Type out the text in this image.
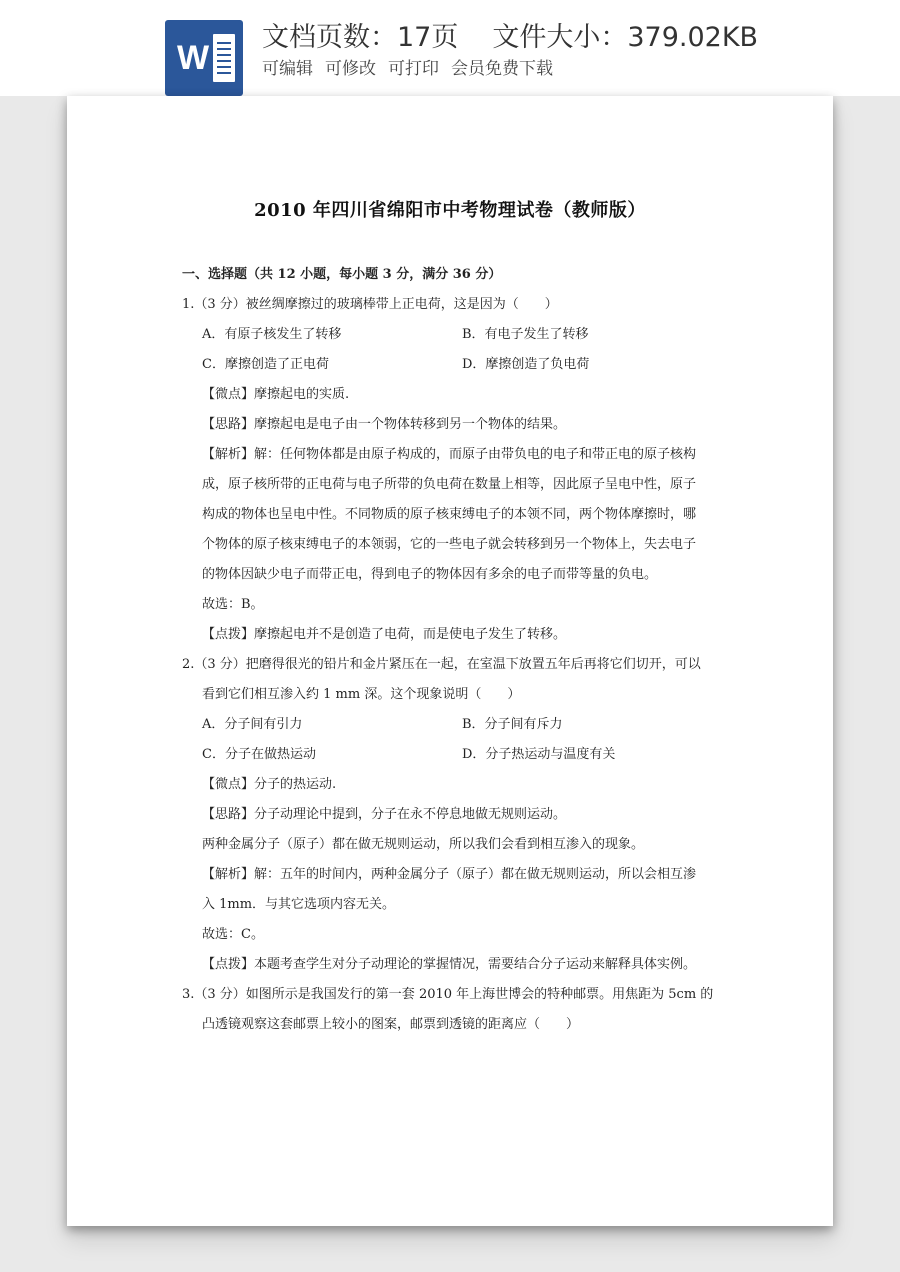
W
文档页数：17页 文件大小：379.02KB
可编辑 可修改 可打印 会员免费下载
2010 年四川省绵阳市中考物理试卷（教师版）
一、选择题（共 12 小题，每小题 3 分，满分 36 分）
1.（3 分）被丝绸摩擦过的玻璃棒带上正电荷，这是因为（　　）
A．有原子核发生了转移	B．有电子发生了转移
C．摩擦创造了正电荷	D．摩擦创造了负电荷
【微点】摩擦起电的实质.
【思路】摩擦起电是电子由一个物体转移到另一个物体的结果。
【解析】解：任何物体都是由原子构成的，而原子由带负电的电子和带正电的原子核构
成，原子核所带的正电荷与电子所带的负电荷在数量上相等，因此原子呈电中性，原子
构成的物体也呈电中性。不同物质的原子核束缚电子的本领不同，两个物体摩擦时，哪
个物体的原子核束缚电子的本领弱，它的一些电子就会转移到另一个物体上，失去电子
的物体因缺少电子而带正电，得到电子的物体因有多余的电子而带等量的负电。
故选：B。
【点拨】摩擦起电并不是创造了电荷，而是使电子发生了转移。
2.（3 分）把磨得很光的铅片和金片紧压在一起，在室温下放置五年后再将它们切开，可以
看到它们相互渗入约 1 mm 深。这个现象说明（　　）
A．分子间有引力	B．分子间有斥力
C．分子在做热运动	D．分子热运动与温度有关
【微点】分子的热运动.
【思路】分子动理论中提到，分子在永不停息地做无规则运动。
两种金属分子（原子）都在做无规则运动，所以我们会看到相互渗入的现象。
【解析】解：五年的时间内，两种金属分子（原子）都在做无规则运动，所以会相互渗
入 1mm．与其它选项内容无关。
故选：C。
【点拨】本题考查学生对分子动理论的掌握情况，需要结合分子运动来解释具体实例。
3.（3 分）如图所示是我国发行的第一套 2010 年上海世博会的特种邮票。用焦距为 5cm 的
凸透镜观察这套邮票上较小的图案，邮票到透镜的距离应（　　）
